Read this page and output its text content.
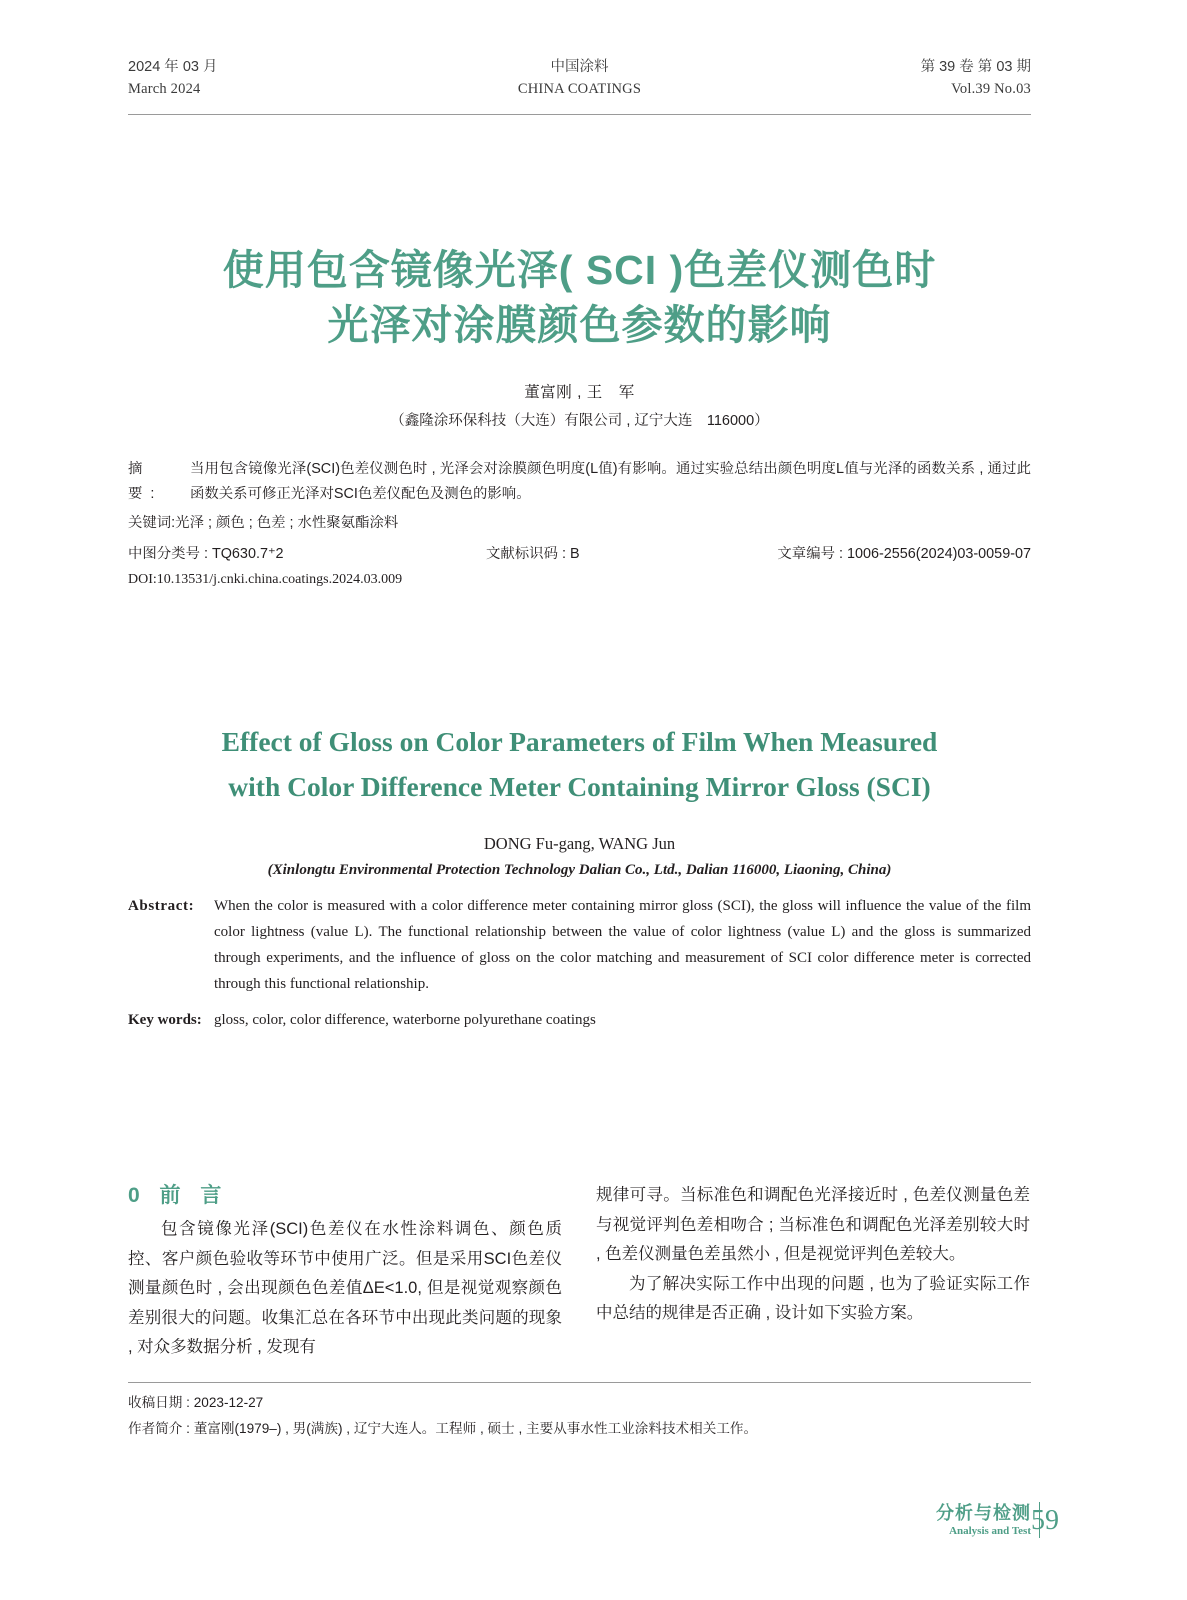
2024 年 03 月
March 2024
中国涂料
CHINA COATINGS
第 39 卷 第 03 期
Vol.39 No.03
使用包含镜像光泽( SCI )色差仪测色时
光泽对涂膜颜色参数的影响
董富刚 , 王　军
（鑫隆涂环保科技（大连）有限公司 , 辽宁大连　116000）
摘 要:
当用包含镜像光泽(SCI)色差仪测色时 , 光泽会对涂膜颜色明度(L值)有影响。通过实验总结出颜色明度L值与光泽的函数关系 , 通过此函数关系可修正光泽对SCI色差仪配色及测色的影响。
关键词:光泽 ; 颜色 ; 色差 ; 水性聚氨酯涂料
中图分类号 : TQ630.7⁺2	文献标识码 : B	文章编号 : 1006-2556(2024)03-0059-07
DOI:10.13531/j.cnki.china.coatings.2024.03.009
Effect of Gloss on Color Parameters of Film When Measured
with Color Difference Meter Containing Mirror Gloss (SCI)
DONG Fu-gang, WANG Jun
(Xinlongtu Environmental Protection Technology Dalian Co., Ltd., Dalian 116000, Liaoning, China)
Abstract:	When the color is measured with a color difference meter containing mirror gloss (SCI), the gloss will influence the value of the film color lightness (value L). The functional relationship between the value of color lightness (value L) and the gloss is summarized through experiments, and the influence of gloss on the color matching and measurement of SCI color difference meter is corrected through this functional relationship.
Key words: gloss, color, color difference, waterborne polyurethane coatings
0 前 言

包含镜像光泽(SCI)色差仪在水性涂料调色、颜色质控、客户颜色验收等环节中使用广泛。但是采用SCI色差仪测量颜色时 , 会出现颜色色差值ΔE<1.0, 但是视觉观察颜色差别很大的问题。收集汇总在各环节中出现此类问题的现象 , 对众多数据分析 , 发现有

规律可寻。当标准色和调配色光泽接近时 , 色差仪测量色差与视觉评判色差相吻合 ; 当标准色和调配色光泽差别较大时 , 色差仪测量色差虽然小 , 但是视觉评判色差较大。

为了解决实际工作中出现的问题 , 也为了验证实际工作中总结的规律是否正确 , 设计如下实验方案。

收稿日期 : 2023-12-27
作者简介 : 董富刚(1979–) , 男(满族) , 辽宁大连人。工程师 , 硕士 , 主要从事水性工业涂料技术相关工作。
分析与检测
Analysis and Test 59
